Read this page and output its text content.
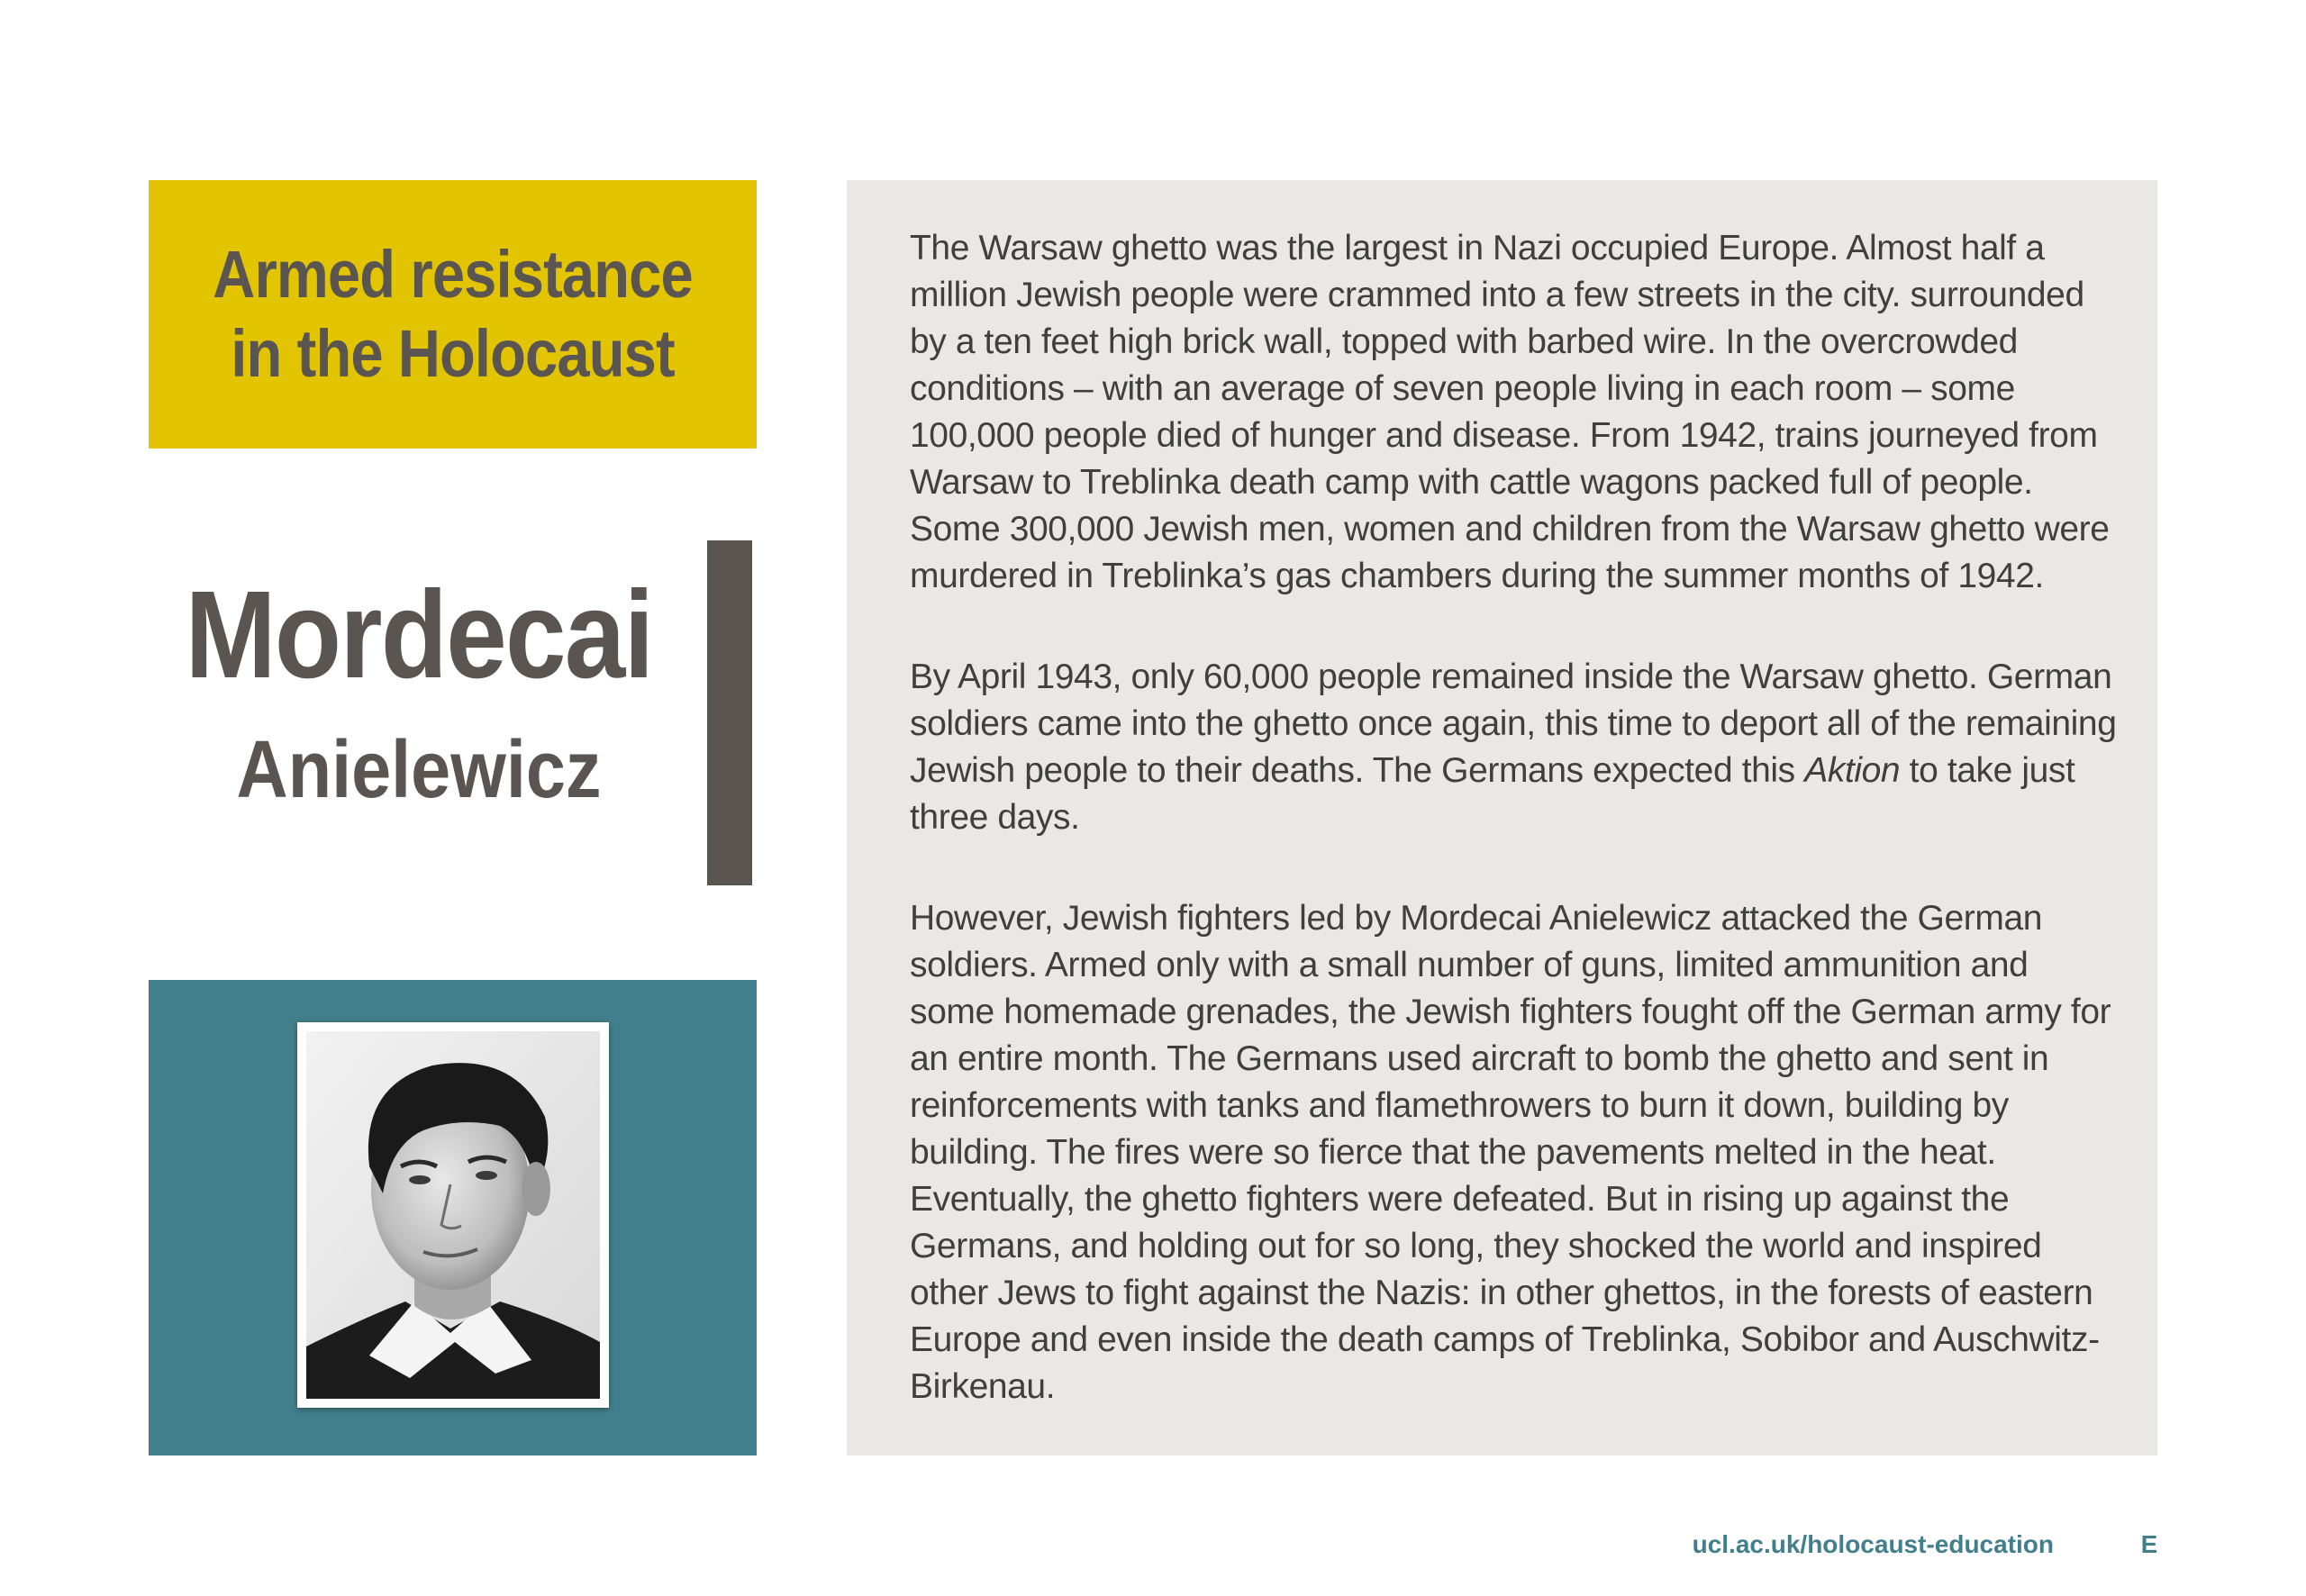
Armed resistance
in the Holocaust
Mordecai
Anielewicz

The Warsaw ghetto was the largest in Nazi occupied Europe. Almost half a million Jewish people were crammed into a few streets in the city. surrounded by a ten feet high brick wall, topped with barbed wire. In the overcrowded conditions – with an average of seven people living in each room – some 100,000 people died of hunger and disease. From 1942, trains journeyed from Warsaw to Treblinka death camp with cattle wagons packed full of people. Some 300,000 Jewish men, women and children from the Warsaw ghetto were murdered in Treblinka’s gas chambers during the summer months of 1942.

By April 1943, only 60,000 people remained inside the Warsaw ghetto. German soldiers came into the ghetto once again, this time to deport all of the remaining Jewish people to their deaths. The Germans expected this Aktion to take just three days.

However, Jewish fighters led by Mordecai Anielewicz attacked the German soldiers. Armed only with a small number of guns, limited ammunition and some homemade grenades, the Jewish fighters fought off the German army for an entire month. The Germans used aircraft to bomb the ghetto and sent in reinforcements with tanks and flamethrowers to burn it down, building by building. The fires were so fierce that the pavements melted in the heat. Eventually, the ghetto fighters were defeated. But in rising up against the Germans, and holding out for so long, they shocked the world and inspired other Jews to fight against the Nazis: in other ghettos, in the forests of eastern Europe and even inside the death camps of Treblinka, Sobibor and Auschwitz-Birkenau.

ucl.ac.uk/holocaust-education	E
